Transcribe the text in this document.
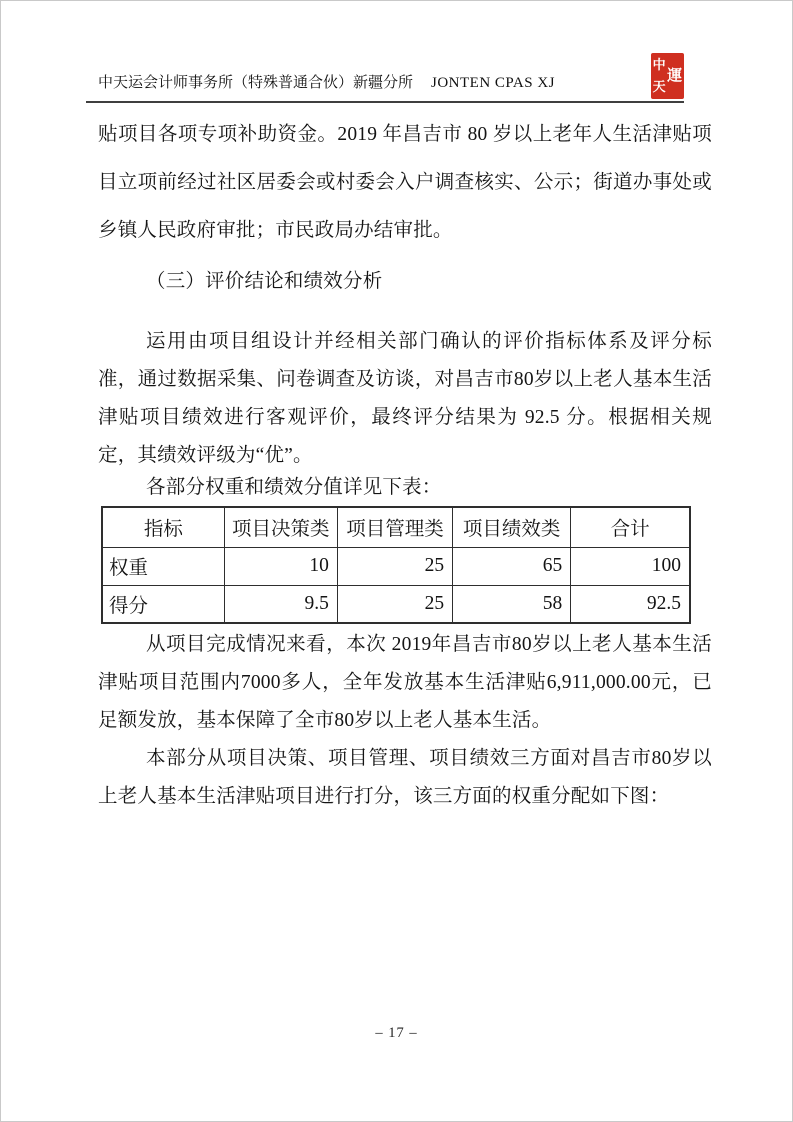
中天运会计师事务所（特殊普通合伙）新疆分所 JONTEN CPAS XJ
中
天
運

贴项目各项专项补助资金。2019 年昌吉市 80 岁以上老年人生活津贴项目立项前经过社区居委会或村委会入户调查核实、公示；街道办事处或乡镇人民政府审批；市民政局办结审批。

（三）评价结论和绩效分析

运用由项目组设计并经相关部门确认的评价指标体系及评分标准，通过数据采集、问卷调查及访谈，对昌吉市80岁以上老人基本生活津贴项目绩效进行客观评价，最终评分结果为 92.5 分。根据相关规定，其绩效评级为“优”。

各部分权重和绩效分值详见下表：

指标	项目决策类	项目管理类	项目绩效类	合计
权重	10	25	65	100
得分	9.5	25	58	92.5

从项目完成情况来看，本次 2019年昌吉市80岁以上老人基本生活津贴项目范围内7000多人，全年发放基本生活津贴6,911,000.00元，已足额发放，基本保障了全市80岁以上老人基本生活。

本部分从项目决策、项目管理、项目绩效三方面对昌吉市80岁以上老人基本生活津贴项目进行打分，该三方面的权重分配如下图：

– 17 –
